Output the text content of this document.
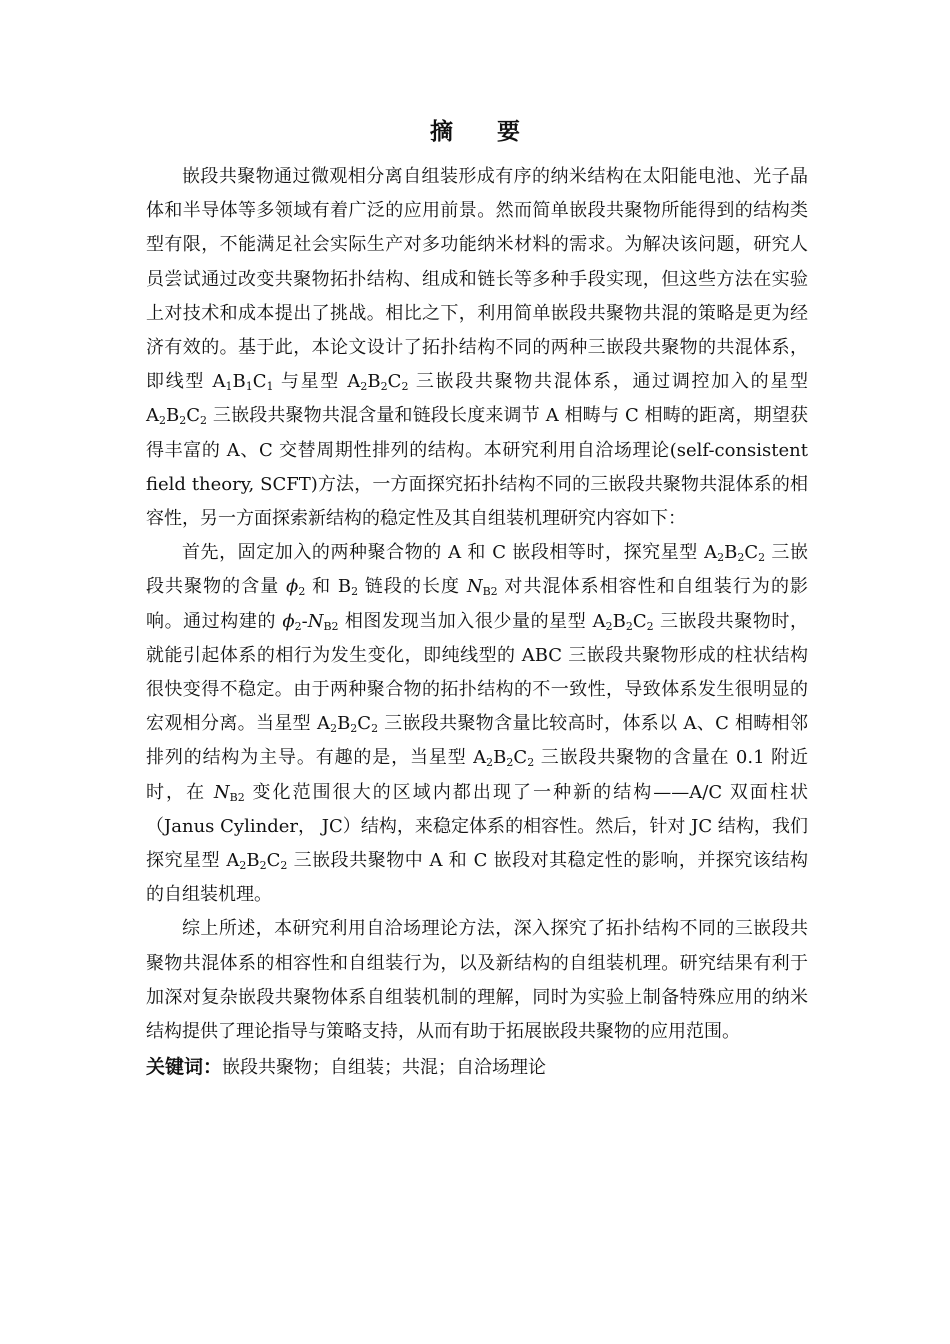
摘 要

嵌段共聚物通过微观相分离自组装形成有序的纳米结构在太阳能电池、光子晶体和半导体等多领域有着广泛的应用前景。然而简单嵌段共聚物所能得到的结构类型有限，不能满足社会实际生产对多功能纳米材料的需求。为解决该问题，研究人员尝试通过改变共聚物拓扑结构、组成和链长等多种手段实现，但这些方法在实验上对技术和成本提出了挑战。相比之下，利用简单嵌段共聚物共混的策略是更为经济有效的。基于此，本论文设计了拓扑结构不同的两种三嵌段共聚物的共混体系，即线型 $A_1B_1C_1$ 与星型 $A_2B_2C_2$ 三嵌段共聚物共混体系，通过调控加入的星型 $A_2B_2C_2$ 三嵌段共聚物共混含量和链段长度来调节 A 相畴与 C 相畴的距离，期望获得丰富的 A、C 交替周期性排列的结构。本研究利用自洽场理论(self-consistent field theory, SCFT)方法，一方面探究拓扑结构不同的三嵌段共聚物共混体系的相容性，另一方面探索新结构的稳定性及其自组装机理研究内容如下：

首先，固定加入的两种聚合物的 A 和 C 嵌段相等时，探究星型 $A_2B_2C_2$ 三嵌段共聚物的含量 $\phi_2$ 和 $B_2$ 链段的长度 $N_{B2}$ 对共混体系相容性和自组装行为的影响。通过构建的 $\phi_2-N_{B2}$ 相图发现当加入很少量的星型 $A_2B_2C_2$ 三嵌段共聚物时，就能引起体系的相行为发生变化，即纯线型的 ABC 三嵌段共聚物形成的柱状结构很快变得不稳定。由于两种聚合物的拓扑结构的不一致性，导致体系发生很明显的宏观相分离。当星型 $A_2B_2C_2$ 三嵌段共聚物含量比较高时，体系以 A、C 相畴相邻排列的结构为主导。有趣的是，当星型 $A_2B_2C_2$ 三嵌段共聚物的含量在 0.1 附近时，在 $N_{B2}$ 变化范围很大的区域内都出现了一种新的结构——A/C 双面柱状（Janus Cylinder， JC）结构，来稳定体系的相容性。然后，针对 JC 结构，我们探究星型 $A_2B_2C_2$ 三嵌段共聚物中 A 和 C 嵌段对其稳定性的影响，并探究该结构的自组装机理。

综上所述，本研究利用自洽场理论方法，深入探究了拓扑结构不同的三嵌段共聚物共混体系的相容性和自组装行为，以及新结构的自组装机理。研究结果有利于加深对复杂嵌段共聚物体系自组装机制的理解，同时为实验上制备特殊应用的纳米结构提供了理论指导与策略支持，从而有助于拓展嵌段共聚物的应用范围。

关键词：嵌段共聚物；自组装；共混；自洽场理论
